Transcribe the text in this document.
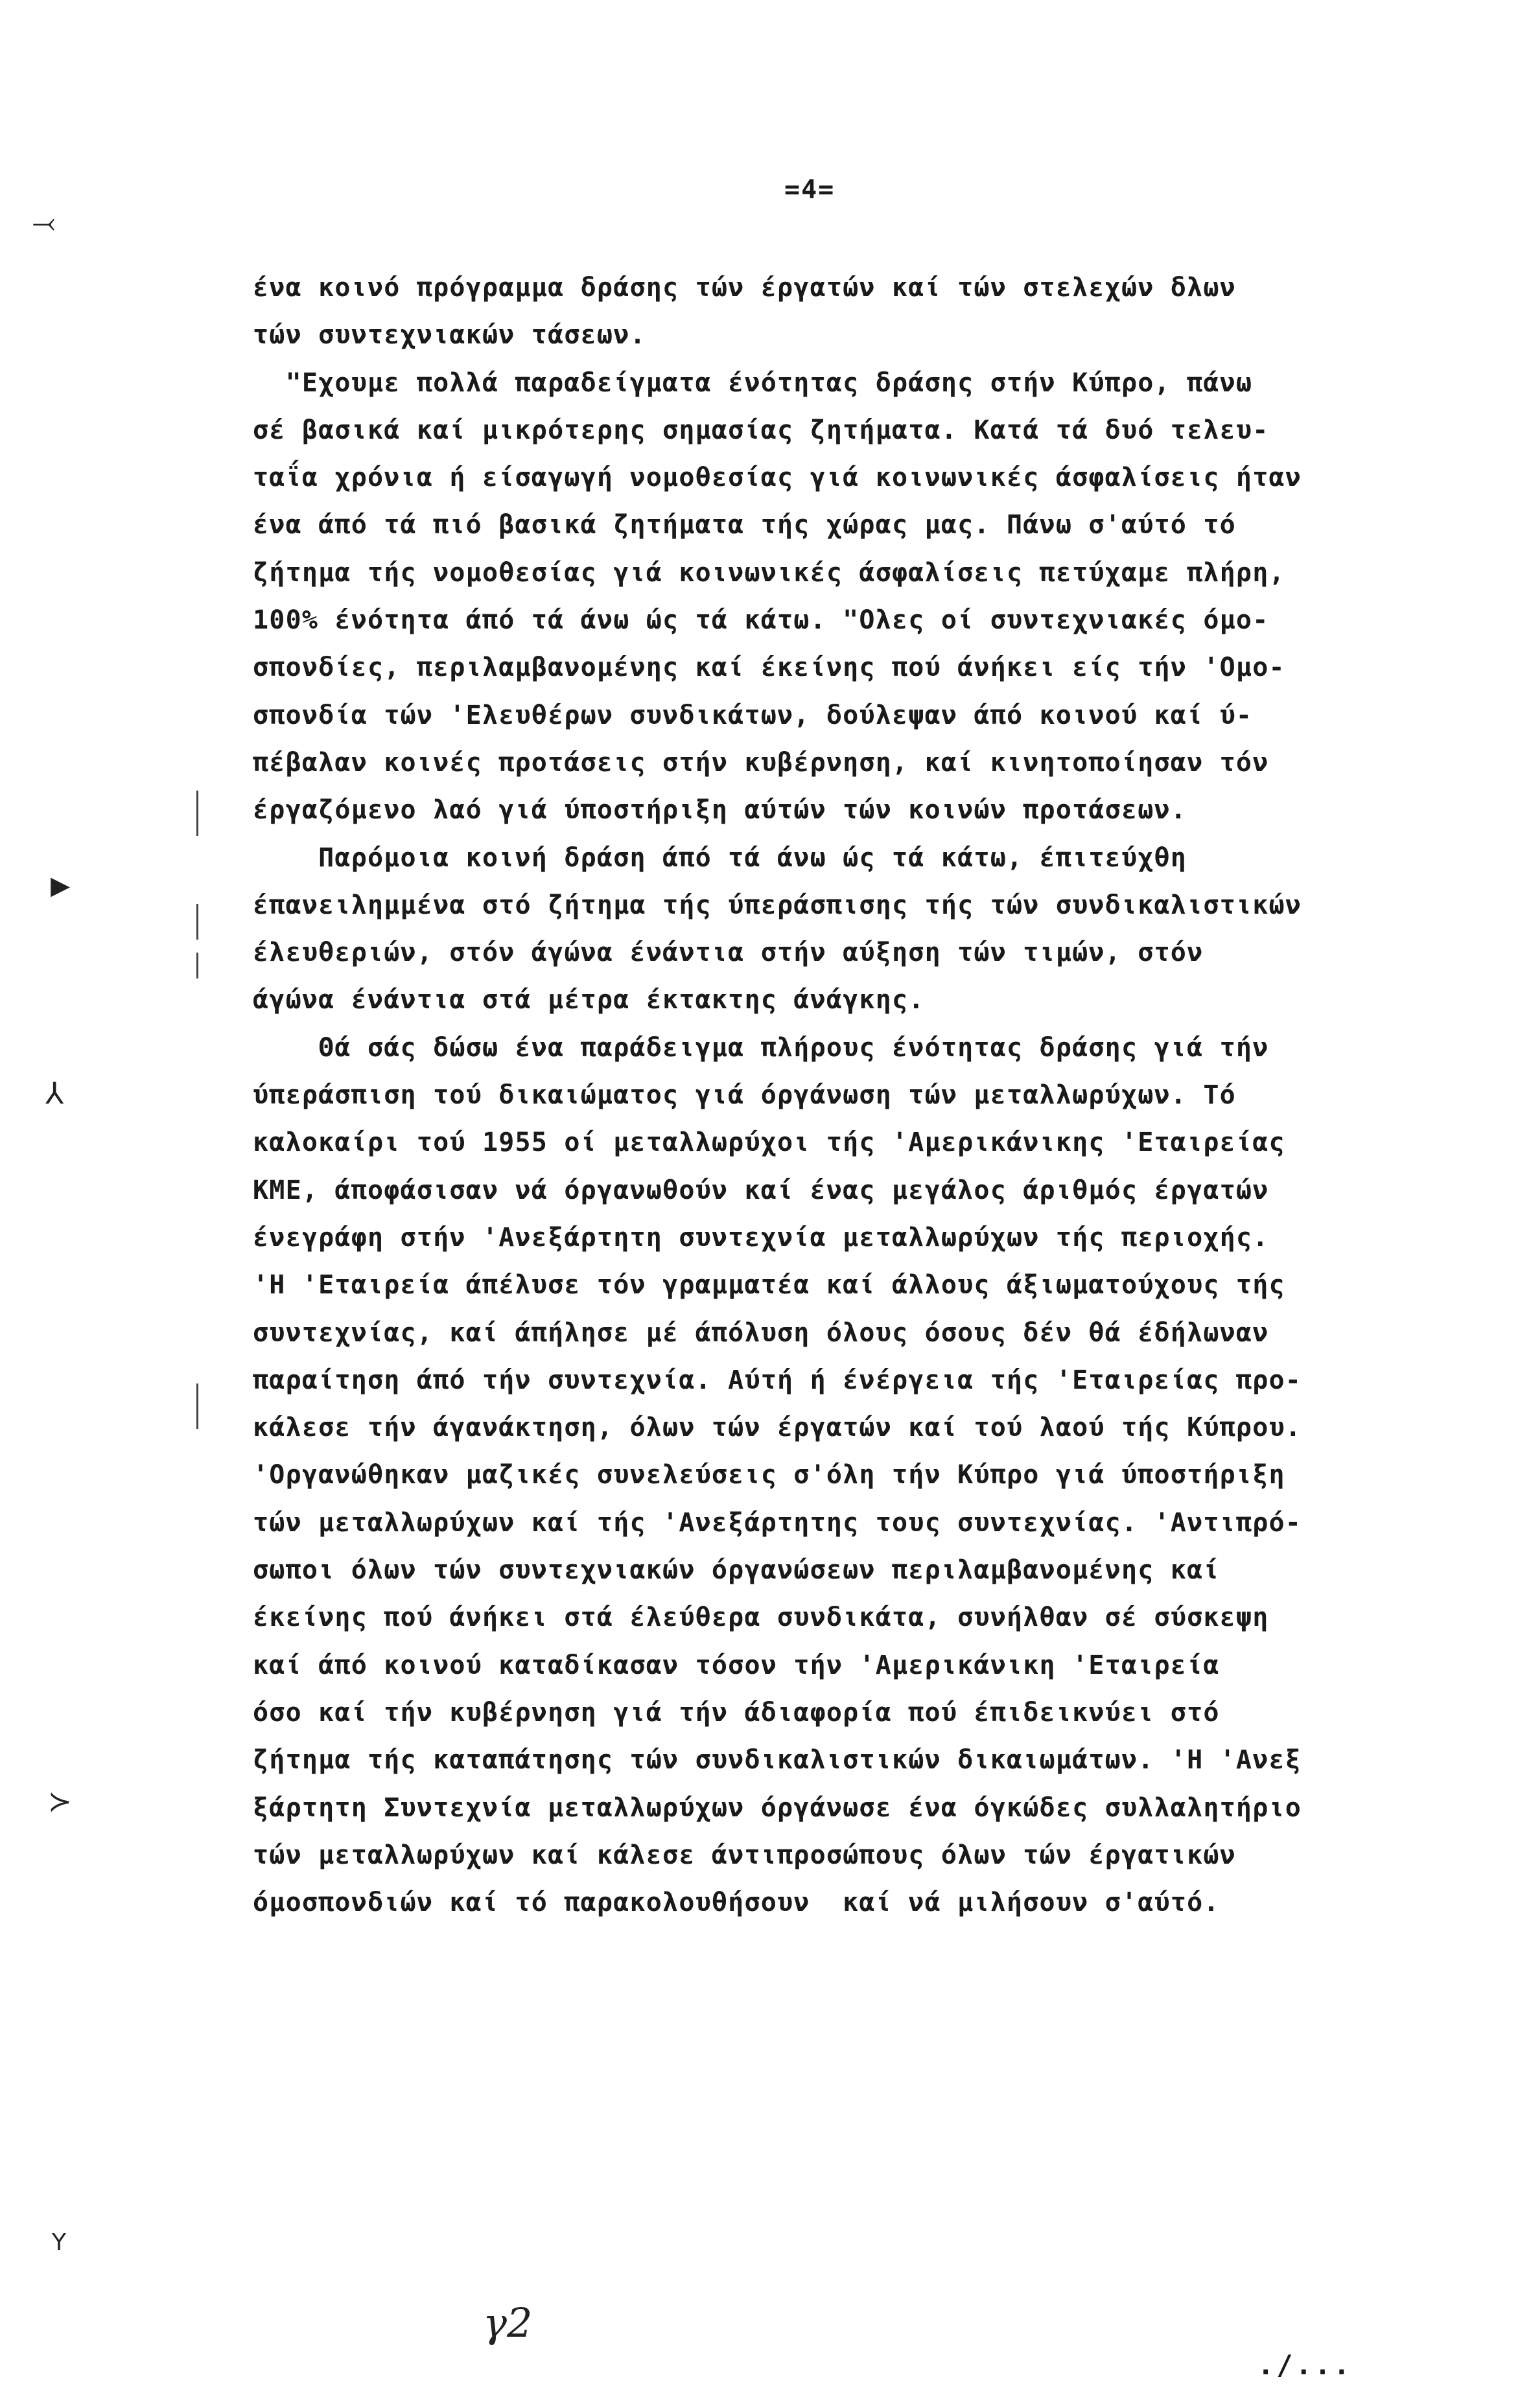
⤙
▸
⅄
≻
Y
=4=
ένα κοινό πρόγραμμα δράσης τών έργατών καί τών στελεχών δλων
τών συντεχνιακών τάσεων.
"Εχουμε πολλά παραδείγματα ένότητας δράσης στήν Κύπρο, πάνω
σέ βασικά καί μικρότερης σημασίας ζητήματα. Κατά τά δυό τελευ-
ταΐα χρόνια ή είσαγωγή νομοθεσίας γιά κοινωνικές άσφαλίσεις ήταν
ένα άπό τά πιό βασικά ζητήματα τής χώρας μας. Πάνω σ'αύτό τό
ζήτημα τής νομοθεσίας γιά κοινωνικές άσφαλίσεις πετύχαμε πλήρη,
100% ένότητα άπό τά άνω ώς τά κάτω. "Ολες οί συντεχνιακές όμο-
σπονδίες, περιλαμβανομένης καί έκείνης πού άνήκει είς τήν 'Ομο-
σπονδία τών 'Ελευθέρων συνδικάτων, δούλεψαν άπό κοινού καί ύ-
πέβαλαν κοινές προτάσεις στήν κυβέρνηση, καί κινητοποίησαν τόν
έργαζόμενο λαό γιά ύποστήριξη αύτών τών κοινών προτάσεων.
Παρόμοια κοινή δράση άπό τά άνω ώς τά κάτω, έπιτεύχθη
έπανειλημμένα στό ζήτημα τής ύπεράσπισης τής τών συνδικαλιστικών
έλευθεριών, στόν άγώνα ένάντια στήν αύξηση τών τιμών, στόν
άγώνα ένάντια στά μέτρα έκτακτης άνάγκης.
Θά σάς δώσω ένα παράδειγμα πλήρους ένότητας δράσης γιά τήν
ύπεράσπιση τού δικαιώματος γιά όργάνωση τών μεταλλωρύχων. Τό
καλοκαίρι τού 1955 οί μεταλλωρύχοι τής 'Αμερικάνικης 'Εταιρείας
ΚΜΕ, άποφάσισαν νά όργανωθούν καί ένας μεγάλος άριθμός έργατών
ένεγράφη στήν 'Ανεξάρτητη συντεχνία μεταλλωρύχων τής περιοχής.
'Η 'Εταιρεία άπέλυσε τόν γραμματέα καί άλλους άξιωματούχους τής
συντεχνίας, καί άπήλησε μέ άπόλυση όλους όσους δέν θά έδήλωναν
παραίτηση άπό τήν συντεχνία. Αύτή ή ένέργεια τής 'Εταιρείας προ-
κάλεσε τήν άγανάκτηση, όλων τών έργατών καί τού λαού τής Κύπρου.
'Οργανώθηκαν μαζικές συνελεύσεις σ'όλη τήν Κύπρο γιά ύποστήριξη
τών μεταλλωρύχων καί τής 'Ανεξάρτητης τους συντεχνίας. 'Αντιπρό-
σωποι όλων τών συντεχνιακών όργανώσεων περιλαμβανομένης καί
έκείνης πού άνήκει στά έλεύθερα συνδικάτα, συνήλθαν σέ σύσκεψη
καί άπό κοινού καταδίκασαν τόσον τήν 'Αμερικάνικη 'Εταιρεία
όσο καί τήν κυβέρνηση γιά τήν άδιαφορία πού έπιδεικνύει στό
ζήτημα τής καταπάτησης τών συνδικαλιστικών δικαιωμάτων. 'Η 'Ανεξ
ξάρτητη Συντεχνία μεταλλωρύχων όργάνωσε ένα όγκώδες συλλαλητήριο
τών μεταλλωρύχων καί κάλεσε άντιπροσώπους όλων τών έργατικών
όμοσπονδιών καί τό παρακολουθήσουν  καί νά μιλήσουν σ'αύτό.
γ2
./...
